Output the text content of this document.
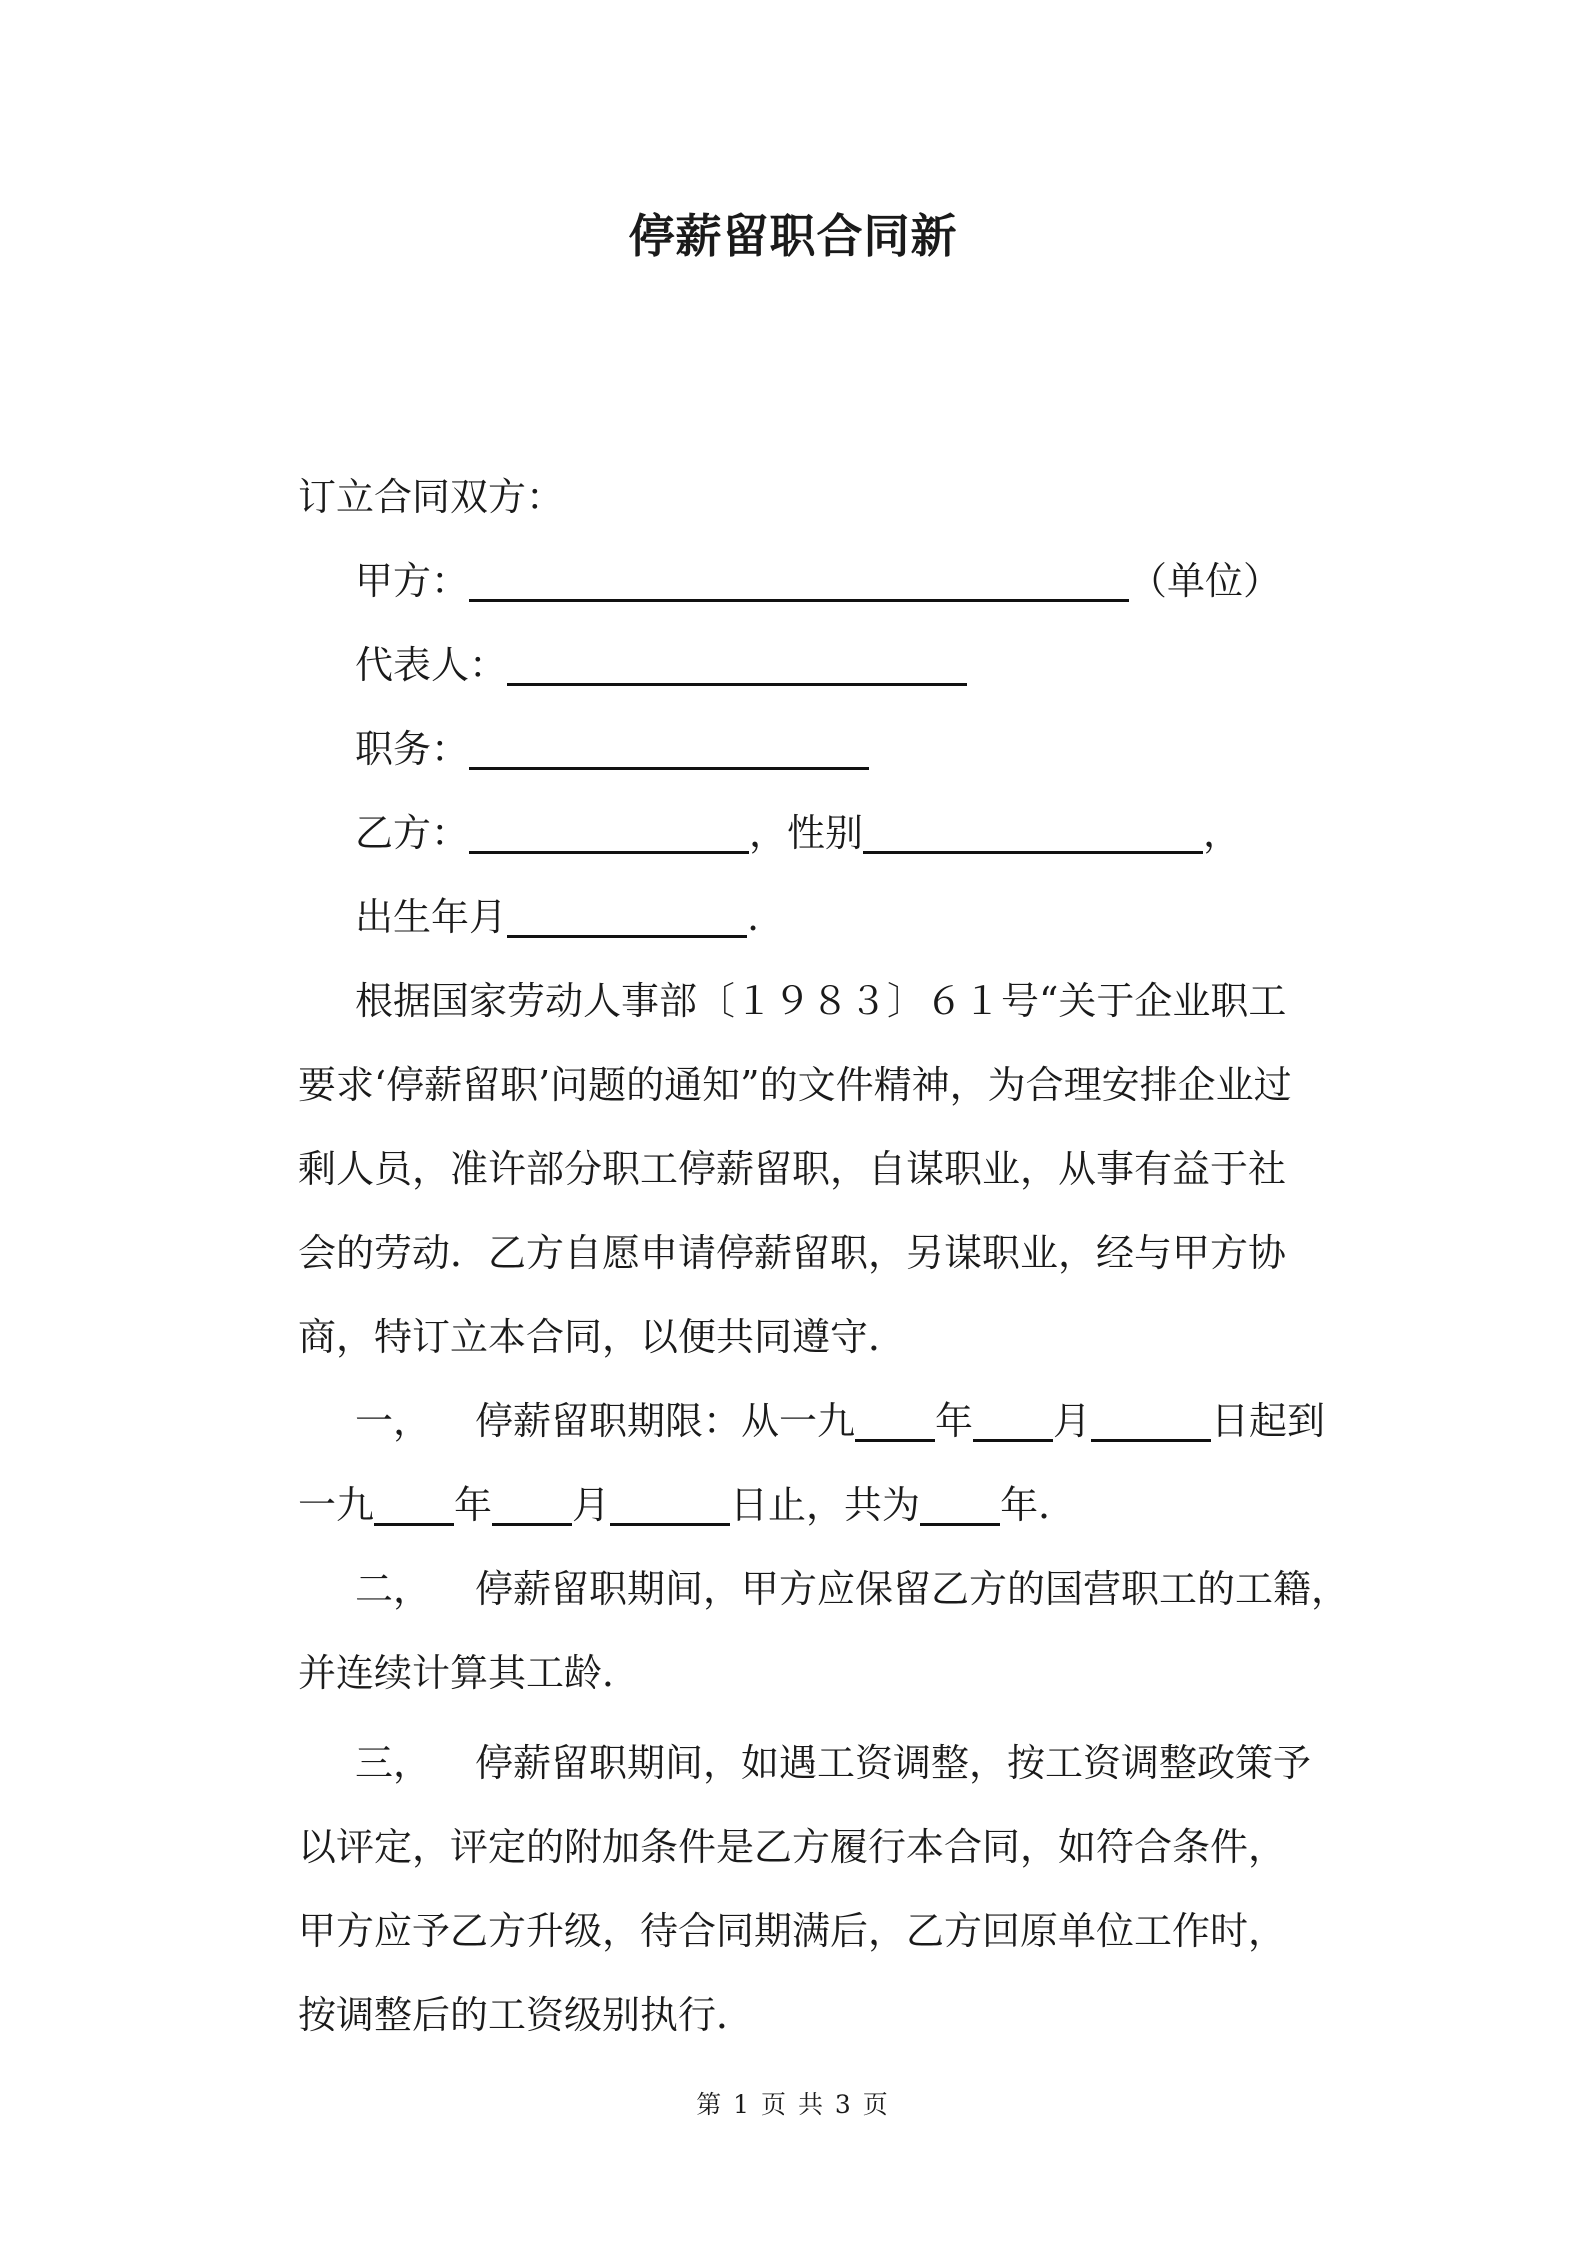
停薪留职合同新
订立合同双方：
甲方：	（单位）
代表人：
职务：
乙方：	，性别	，
出生年月	.
根据国家劳动人事部〔１９８３〕６１号“关于企业职工
要求‘停薪留职’问题的通知”的文件精神，为合理安排企业过
剩人员，准许部分职工停薪留职，自谋职业，从事有益于社
会的劳动．乙方自愿申请停薪留职，另谋职业，经与甲方协
商，特订立本合同，以便共同遵守．
一， 停薪留职期限：从一九 年 月	日起到
一九 年 月	日止，共为 年．
二， 停薪留职期间，甲方应保留乙方的国营职工的工籍，
并连续计算其工龄．
三， 停薪留职期间，如遇工资调整，按工资调整政策予
以评定，评定的附加条件是乙方履行本合同，如符合条件，
甲方应予乙方升级，待合同期满后，乙方回原单位工作时，
按调整后的工资级别执行．
第 1 页 共 3 页
